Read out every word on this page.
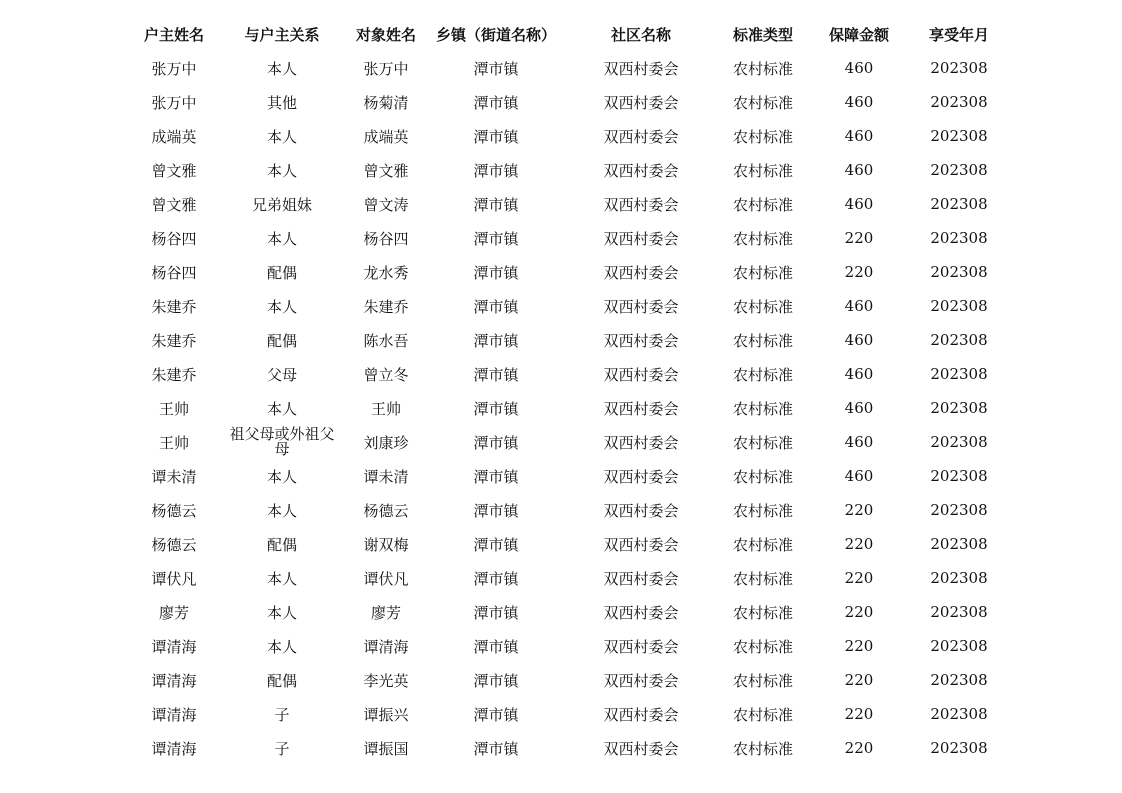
户主姓名	与户主关系	对象姓名	乡镇（街道名称）	社区名称	标准类型	保障金额	享受年月
张万中	本人	张万中	潭市镇	双西村委会	农村标准	460	202308
张万中	其他	杨菊清	潭市镇	双西村委会	农村标准	460	202308
成端英	本人	成端英	潭市镇	双西村委会	农村标准	460	202308
曾文雅	本人	曾文雅	潭市镇	双西村委会	农村标准	460	202308
曾文雅	兄弟姐妹	曾文涛	潭市镇	双西村委会	农村标准	460	202308
杨谷四	本人	杨谷四	潭市镇	双西村委会	农村标准	220	202308
杨谷四	配偶	龙水秀	潭市镇	双西村委会	农村标准	220	202308
朱建乔	本人	朱建乔	潭市镇	双西村委会	农村标准	460	202308
朱建乔	配偶	陈水吾	潭市镇	双西村委会	农村标准	460	202308
朱建乔	父母	曾立冬	潭市镇	双西村委会	农村标准	460	202308
王帅	本人	王帅	潭市镇	双西村委会	农村标准	460	202308
王帅	祖父母或外祖父母	刘康珍	潭市镇	双西村委会	农村标准	460	202308
谭未清	本人	谭未清	潭市镇	双西村委会	农村标准	460	202308
杨德云	本人	杨德云	潭市镇	双西村委会	农村标准	220	202308
杨德云	配偶	谢双梅	潭市镇	双西村委会	农村标准	220	202308
谭伏凡	本人	谭伏凡	潭市镇	双西村委会	农村标准	220	202308
廖芳	本人	廖芳	潭市镇	双西村委会	农村标准	220	202308
谭清海	本人	谭清海	潭市镇	双西村委会	农村标准	220	202308
谭清海	配偶	李光英	潭市镇	双西村委会	农村标准	220	202308
谭清海	子	谭振兴	潭市镇	双西村委会	农村标准	220	202308
谭清海	子	谭振国	潭市镇	双西村委会	农村标准	220	202308
